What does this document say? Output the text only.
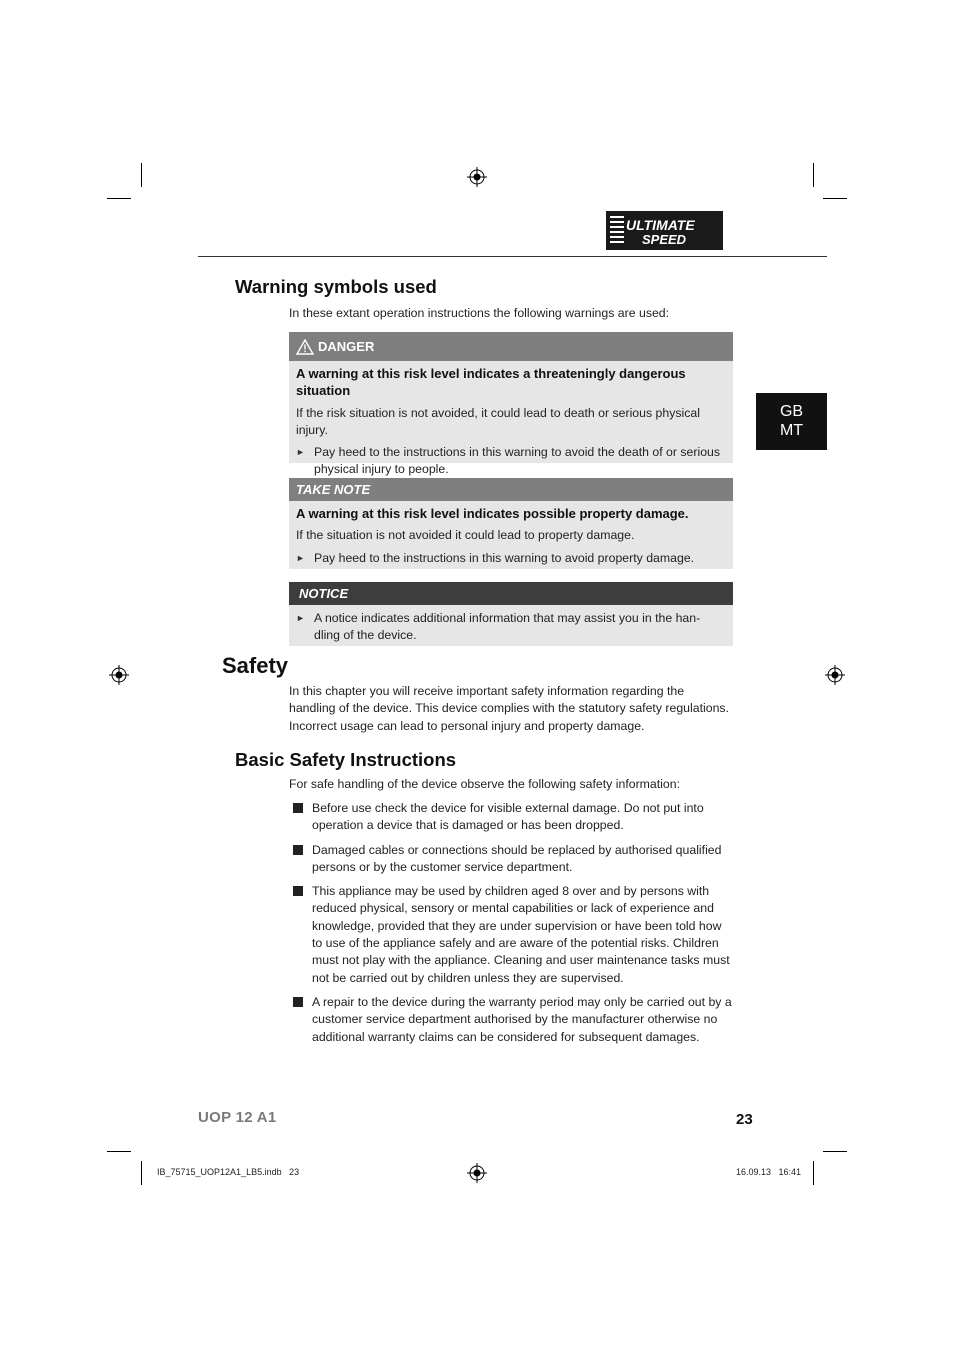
ULTIMATE
SPEED
GB
MT
Warning symbols used

In these extant operation instructions the following warnings are used:

DANGER

A warning at this risk level indicates a threateningly dangerous situation

If the risk situation is not avoided, it could lead to death or serious physical injury.

► Pay heed to the instructions in this warning to avoid the death of or serious physical injury to people.
TAKE NOTE

A warning at this risk level indicates possible property damage.

If the situation is not avoided it could lead to property damage.

► Pay heed to the instructions in this warning to avoid property damage.
NOTICE
► A notice indicates additional information that may assist you in the han-dling of the device.
Safety

In this chapter you will receive important safety information regarding the handling of the device. This device complies with the statutory safety regulations. Incorrect usage can lead to personal injury and property damage.

Basic Safety Instructions

For safe handling of the device observe the following safety information:

Before use check the device for visible external damage. Do not put into operation a device that is damaged or has been dropped.
Damaged cables or connections should be replaced by authorised qualified persons or by the customer service department.
This appliance may be used by children aged 8 over and by persons with reduced physical, sensory or mental capabilities or lack of experience and knowledge, provided that they are under supervision or have been told how to use of the appliance safely and are aware of the potential risks. Children must not play with the appliance. Cleaning and user maintenance tasks must not be carried out by children unless they are supervised.
A repair to the device during the warranty period may only be carried out by a customer service department authorised by the manufacturer otherwise no additional warranty claims can be considered for subsequent damages.
UOP 12 A1	23
IB_75715_UOP12A1_LB5.indb   23	16.09.13   16:41
